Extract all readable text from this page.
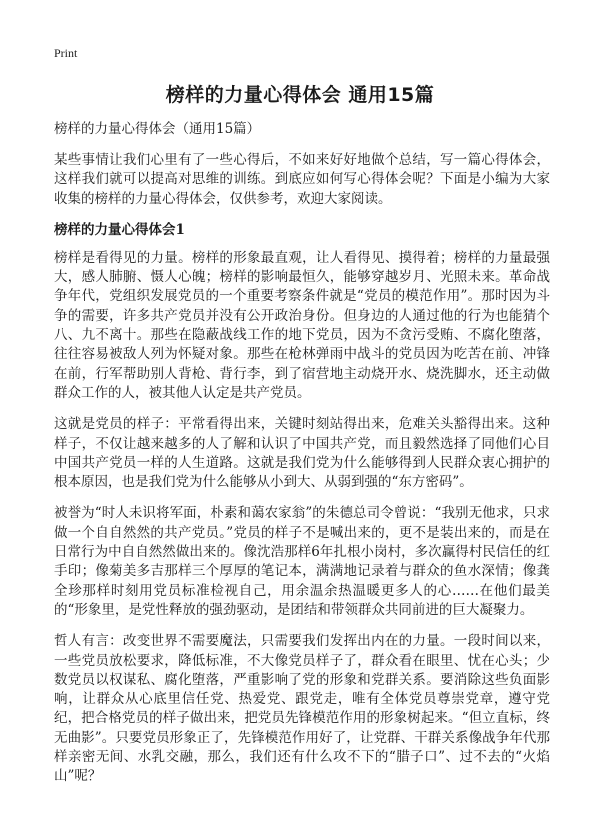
Print
榜样的力量心得体会 通用15篇
榜样的力量心得体会（通用15篇）

某些事情让我们心里有了一些心得后，不如来好好地做个总结，写一篇心得体会，这样我们就可以提高对思维的训练。到底应如何写心得体会呢？下面是小编为大家收集的榜样的力量心得体会，仅供参考，欢迎大家阅读。

榜样的力量心得体会1

榜样是看得见的力量。榜样的形象最直观，让人看得见、摸得着；榜样的力量最强大，感人肺腑、慑人心魄；榜样的影响最恒久，能够穿越岁月、光照未来。革命战争年代，党组织发展党员的一个重要考察条件就是“党员的模范作用”。那时因为斗争的需要，许多共产党员并没有公开政治身份。但身边的人通过他的行为也能猜个八、九不离十。那些在隐蔽战线工作的地下党员，因为不贪污受贿、不腐化堕落，往往容易被敌人列为怀疑对象。那些在枪林弹雨中战斗的党员因为吃苦在前、冲锋在前，行军帮助别人背枪、背行李，到了宿营地主动烧开水、烧洗脚水，还主动做群众工作的人，被其他人认定是共产党员。

这就是党员的样子：平常看得出来，关键时刻站得出来，危难关头豁得出来。这种样子，不仅让越来越多的人了解和认识了中国共产党，而且毅然选择了同他们心目中国共产党员一样的人生道路。这就是我们党为什么能够得到人民群众衷心拥护的根本原因，也是我们党为什么能够从小到大、从弱到强的“东方密码”。

被誉为“时人未识将军面，朴素和蔼农家翁”的朱德总司令曾说：“我别无他求，只求做一个自自然然的共产党员。”党员的样子不是喊出来的，更不是装出来的，而是在日常行为中自自然然做出来的。像沈浩那样6年扎根小岗村，多次赢得村民信任的红手印；像菊美多吉那样三个厚厚的笔记本，满满地记录着与群众的鱼水深情；像龚全珍那样时刻用党员标准检视自己，用余温余热温暖更多人的心……在他们最美的“形象里，是党性释放的强劲驱动，是团结和带领群众共同前进的巨大凝聚力。

哲人有言：改变世界不需要魔法，只需要我们发挥出内在的力量。一段时间以来，一些党员放松要求，降低标准，不大像党员样子了，群众看在眼里、忧在心头；少数党员以权谋私、腐化堕落，严重影响了党的形象和党群关系。要消除这些负面影响，让群众从心底里信任党、热爱党、跟党走，唯有全体党员尊崇党章，遵守党纪，把合格党员的样子做出来，把党员先锋模范作用的形象树起来。“但立直标，终无曲影”。只要党员形象正了，先锋模范作用好了，让党群、干群关系像战争年代那样亲密无间、水乳交融，那么，我们还有什么攻不下的“腊子口”、过不去的“火焰山”呢？
